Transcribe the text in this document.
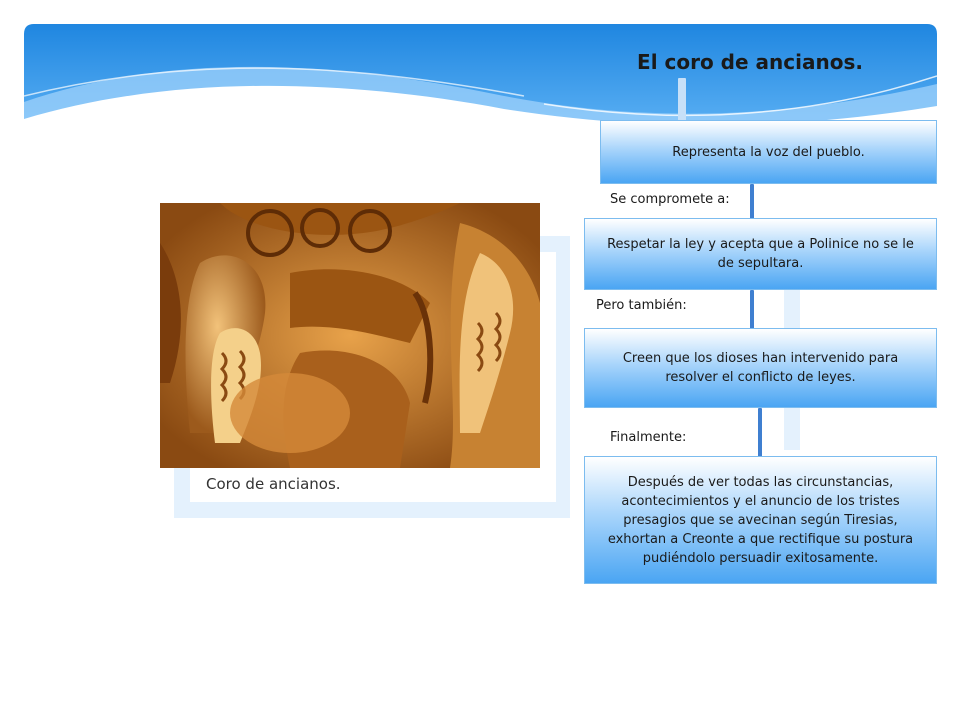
El coro de ancianos.
Coro de ancianos.
Representa la voz del pueblo.
Se compromete a:
Respetar la ley y acepta que a Polinice no se le de sepultara.
Pero también:
Creen que los dioses han intervenido para resolver el conflicto de leyes.
Finalmente:
Después de ver todas las circunstancias, acontecimientos y el anuncio de los tristes presagios que se avecinan según Tiresias, exhortan a Creonte a que rectifique su postura pudiéndolo persuadir exitosamente.
